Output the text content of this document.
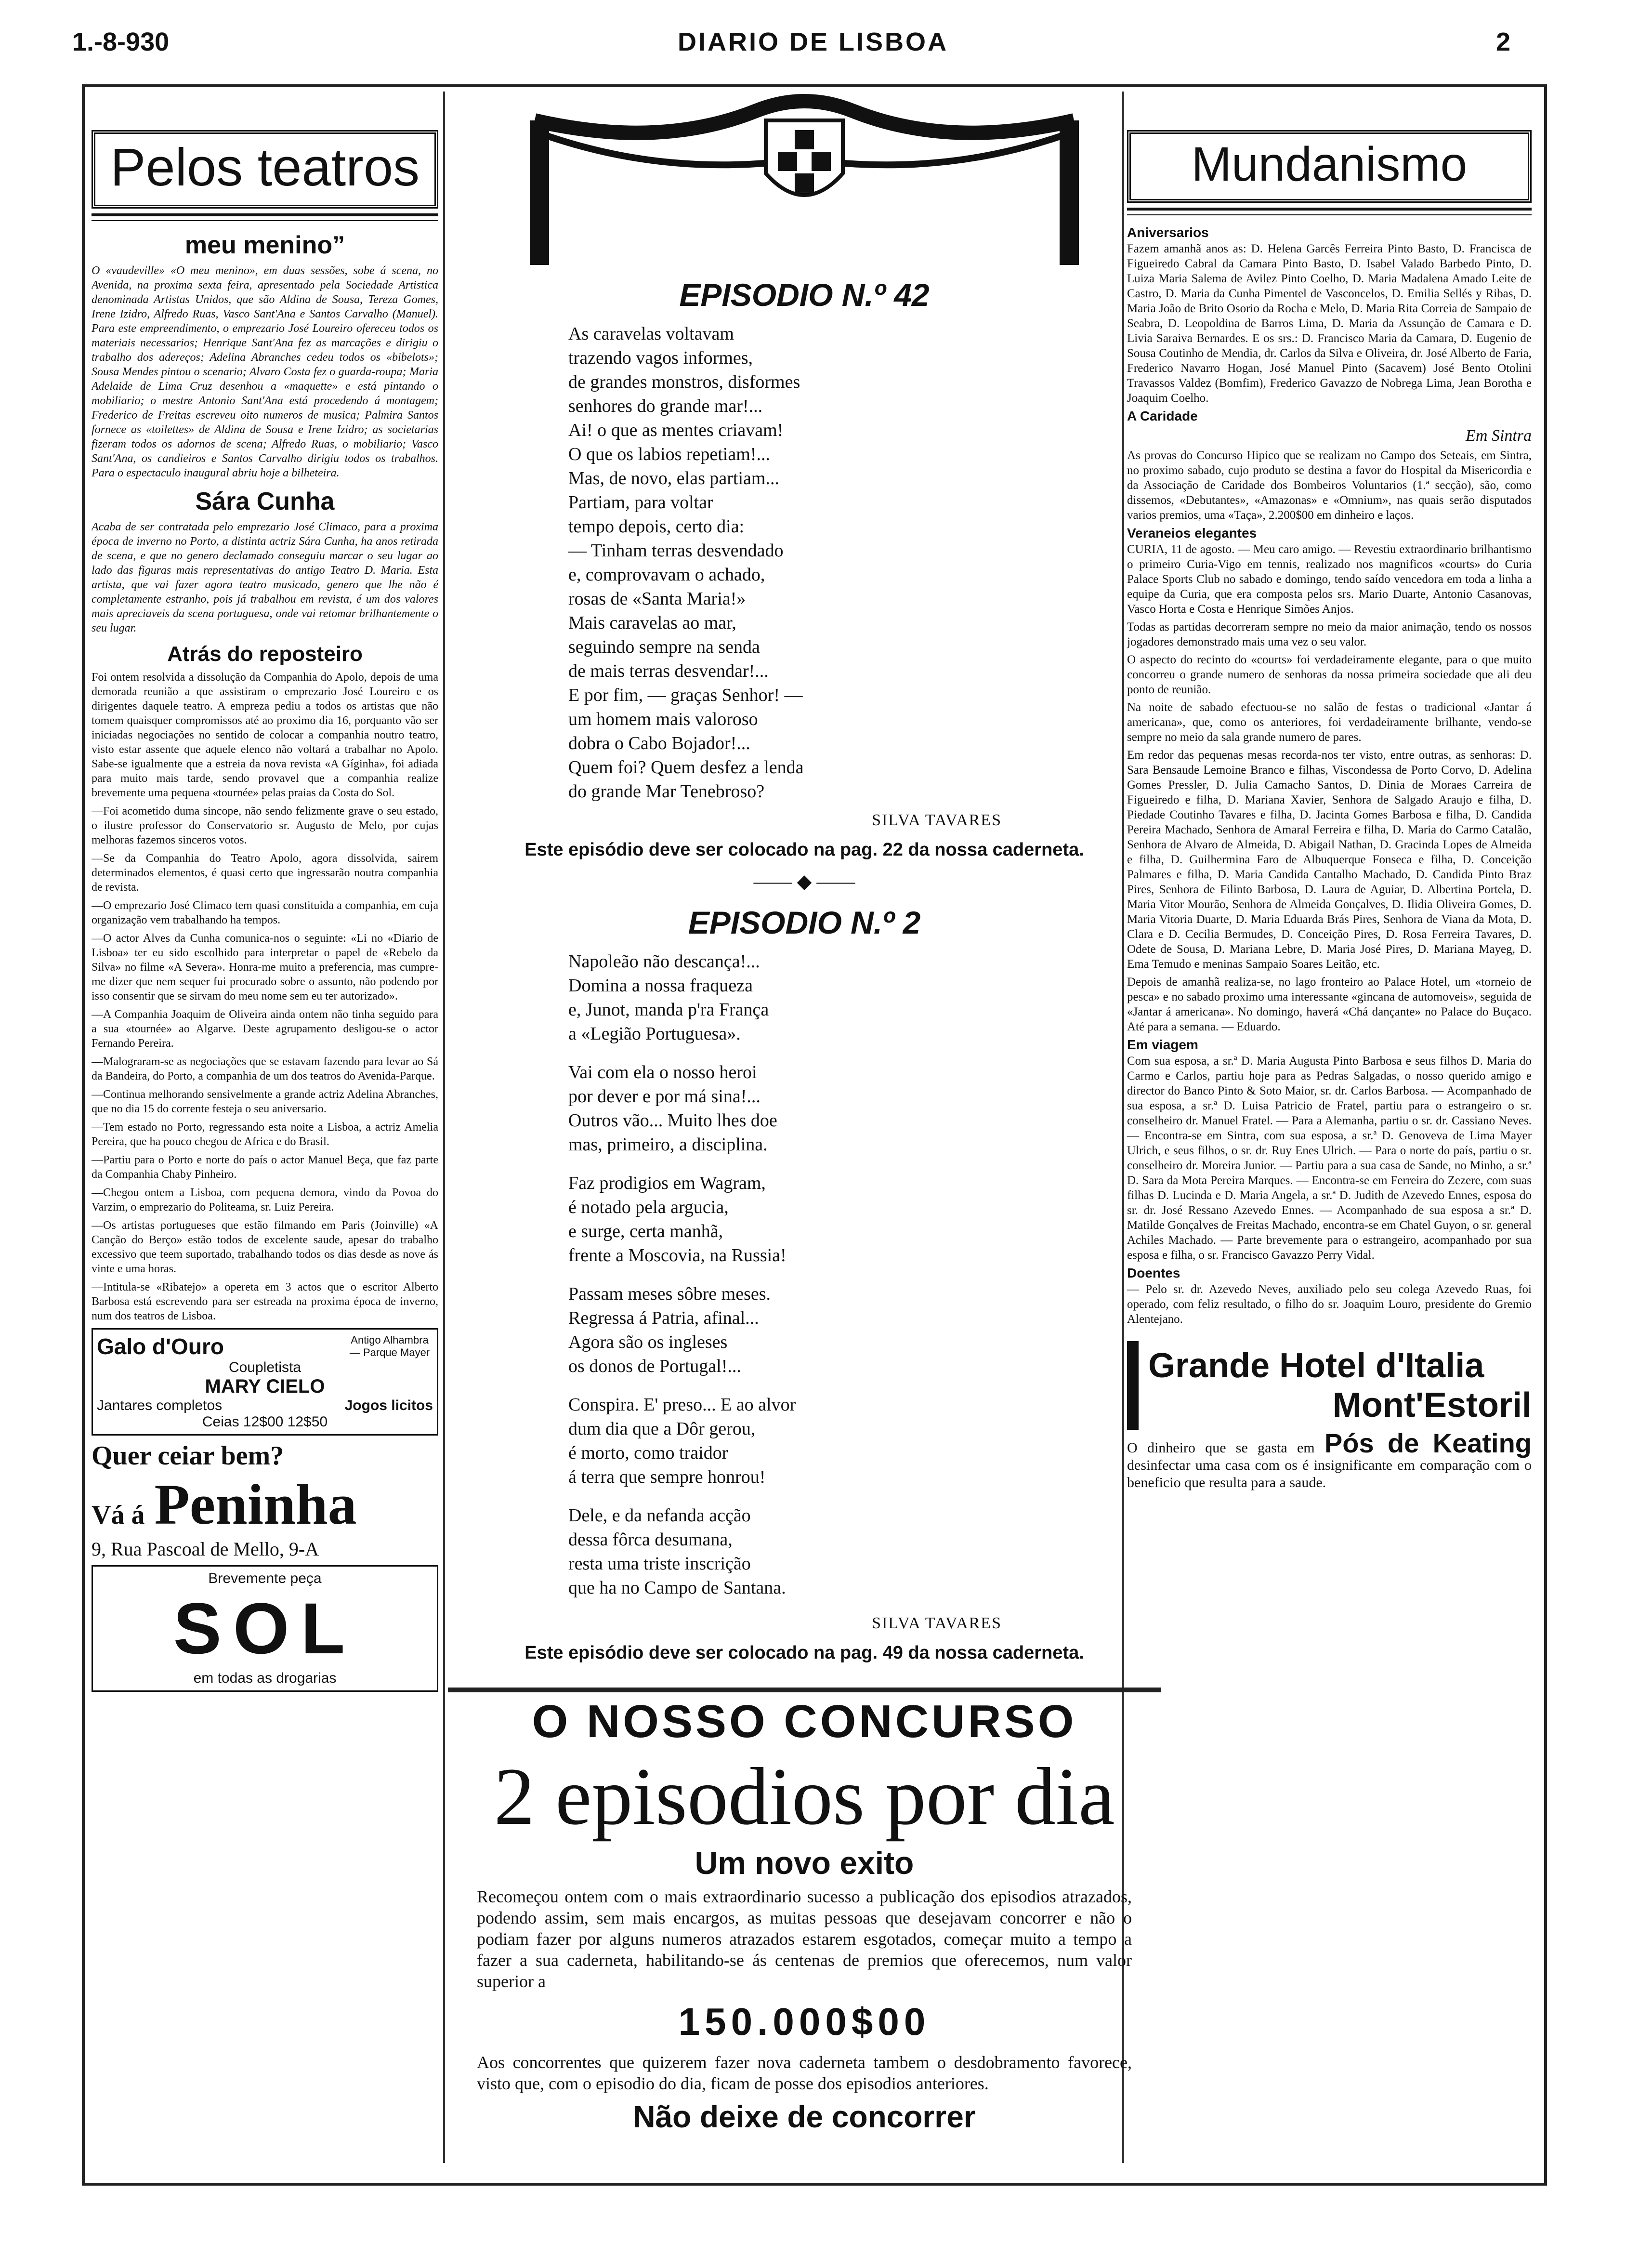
1.-8-930	DIARIO DE LISBOA	2
Pelos teatros
meu menino”

O «vaudeville» «O meu menino», em duas sessões, sobe á scena, no Avenida, na proxima sexta feira, apresentado pela Sociedade Artistica denominada Artistas Unidos, que são Aldina de Sousa, Tereza Gomes, Irene Izidro, Alfredo Ruas, Vasco Sant'Ana e Santos Carvalho (Manuel). Para este empreendimento, o emprezario José Loureiro ofereceu todos os materiais necessarios; Henrique Sant'Ana fez as marcações e dirigiu o trabalho dos adereços; Adelina Abranches cedeu todos os «bibelots»; Sousa Mendes pintou o scenario; Alvaro Costa fez o guarda-roupa; Maria Adelaide de Lima Cruz desenhou a «maquette» e está pintando o mobiliario; o mestre Antonio Sant'Ana está procedendo á montagem; Frederico de Freitas escreveu oito numeros de musica; Palmira Santos fornece as «toilettes» de Aldina de Sousa e Irene Izidro; as societarias fizeram todos os adornos de scena; Alfredo Ruas, o mobiliario; Vasco Sant'Ana, os candieiros e Santos Carvalho dirigiu todos os trabalhos. Para o espectaculo inaugural abriu hoje a bilheteira.

Sára Cunha

Acaba de ser contratada pelo emprezario José Climaco, para a proxima época de inverno no Porto, a distinta actriz Sára Cunha, ha anos retirada de scena, e que no genero declamado conseguiu marcar o seu lugar ao lado das figuras mais representativas do antigo Teatro D. Maria. Esta artista, que vai fazer agora teatro musicado, genero que lhe não é completamente estranho, pois já trabalhou em revista, é um dos valores mais apreciaveis da scena portuguesa, onde vai retomar brilhantemente o seu lugar.

Atrás do reposteiro

Foi ontem resolvida a dissolução da Companhia do Apolo, depois de uma demorada reunião a que assistiram o emprezario José Loureiro e os dirigentes daquele teatro. A empreza pediu a todos os artistas que não tomem quaisquer compromissos até ao proximo dia 16, porquanto vão ser iniciadas negociações no sentido de colocar a companhia noutro teatro, visto estar assente que aquele elenco não voltará a trabalhar no Apolo. Sabe-se igualmente que a estreia da nova revista «A Gíginha», foi adiada para muito mais tarde, sendo provavel que a companhia realize brevemente uma pequena «tournée» pelas praias da Costa do Sol.

—Foi acometido duma sincope, não sendo felizmente grave o seu estado, o ilustre professor do Conservatorio sr. Augusto de Melo, por cujas melhoras fazemos sinceros votos.

—Se da Companhia do Teatro Apolo, agora dissolvida, sairem determinados elementos, é quasi certo que ingressarão noutra companhia de revista.

—O emprezario José Climaco tem quasi constituida a companhia, em cuja organização vem trabalhando ha tempos.

—O actor Alves da Cunha comunica-nos o seguinte: «Li no «Diario de Lisboa» ter eu sido escolhido para interpretar o papel de «Rebelo da Silva» no filme «A Severa». Honra-me muito a preferencia, mas cumpre-me dizer que nem sequer fui procurado sobre o assunto, não podendo por isso consentir que se sirvam do meu nome sem eu ter autorizado».

—A Companhia Joaquim de Oliveira ainda ontem não tinha seguido para a sua «tournée» ao Algarve. Deste agrupamento desligou-se o actor Fernando Pereira.

—Malograram-se as negociações que se estavam fazendo para levar ao Sá da Bandeira, do Porto, a companhia de um dos teatros do Avenida-Parque.

—Continua melhorando sensivelmente a grande actriz Adelina Abranches, que no dia 15 do corrente festeja o seu aniversario.

—Tem estado no Porto, regressando esta noite a Lisboa, a actriz Amelia Pereira, que ha pouco chegou de Africa e do Brasil.

—Partiu para o Porto e norte do país o actor Manuel Beça, que faz parte da Companhia Chaby Pinheiro.

—Chegou ontem a Lisboa, com pequena demora, vindo da Povoa do Varzim, o emprezario do Politeama, sr. Luiz Pereira.

—Os artistas portugueses que estão filmando em Paris (Joinville) «A Canção do Berço» estão todos de excelente saude, apesar do trabalho excessivo que teem suportado, trabalhando todos os dias desde as nove ás vinte e uma horas.

—Intitula-se «Ribatejo» a opereta em 3 actos que o escritor Alberto Barbosa está escrevendo para ser estreada na proxima época de inverno, num dos teatros de Lisboa.

Galo d'Ouro	Antigo Alhambra — Parque Mayer
Coupletista
MARY CIELO
Jantares completos	Jogos licitos
Ceias 12$00 12$50
Quer ceiar bem?
Vá á Peninha
9, Rua Pascoal de Mello, 9-A
Brevemente peça
SOL
em todas as drogarias
EPISODIO N.º 42
As caravelas voltavam
trazendo vagos informes,
de grandes monstros, disformes
senhores do grande mar!...
Ai! o que as mentes criavam!
O que os labios repetiam!...
Mas, de novo, elas partiam...
Partiam, para voltar
tempo depois, certo dia:
— Tinham terras desvendado
e, comprovavam o achado,
rosas de «Santa Maria!»
Mais caravelas ao mar,
seguindo sempre na senda
de mais terras desvendar!...
E por fim, — graças Senhor! —
um homem mais valoroso
dobra o Cabo Bojador!...
Quem foi? Quem desfez a lenda
do grande Mar Tenebroso?
SILVA TAVARES
Este episódio deve ser colocado na pag. 22 da nossa caderneta.
—— ◆ ——
EPISODIO N.º 2
Napoleão não descança!...
Domina a nossa fraqueza
e, Junot, manda p'ra França
a «Legião Portuguesa».
Vai com ela o nosso heroi
por dever e por má sina!...
Outros vão... Muito lhes doe
mas, primeiro, a disciplina.
Faz prodigios em Wagram,
é notado pela argucia,
e surge, certa manhã,
frente a Moscovia, na Russia!
Passam meses sôbre meses.
Regressa á Patria, afinal...
Agora são os ingleses
os donos de Portugal!...
Conspira. E' preso... E ao alvor
dum dia que a Dôr gerou,
é morto, como traidor
á terra que sempre honrou!
Dele, e da nefanda acção
dessa fôrca desumana,
resta uma triste inscrição
que ha no Campo de Santana.
SILVA TAVARES
Este episódio deve ser colocado na pag. 49 da nossa caderneta.
O NOSSO CONCURSO
2 episodios por dia
Um novo exito

Recomeçou ontem com o mais extraordinario sucesso a publicação dos episodios atrazados, podendo assim, sem mais encargos, as muitas pessoas que desejavam concorrer e não o podiam fazer por alguns numeros atrazados estarem esgotados, começar muito a tempo a fazer a sua caderneta, habilitando-se ás centenas de premios que oferecemos, num valor superior a

150.000$00

Aos concorrentes que quizerem fazer nova caderneta tambem o desdobramento favorece, visto que, com o episodio do dia, ficam de posse dos episodios anteriores.

Não deixe de concorrer
Mundanismo
Aniversarios

Fazem amanhã anos as: D. Helena Garcês Ferreira Pinto Basto, D. Francisca de Figueiredo Cabral da Camara Pinto Basto, D. Isabel Valado Barbedo Pinto, D. Luiza Maria Salema de Avilez Pinto Coelho, D. Maria Madalena Amado Leite de Castro, D. Maria da Cunha Pimentel de Vasconcelos, D. Emilia Sellés y Ribas, D. Maria João de Brito Osorio da Rocha e Melo, D. Maria Rita Correia de Sampaio de Seabra, D. Leopoldina de Barros Lima, D. Maria da Assunção de Camara e D. Livia Saraiva Bernardes. E os srs.: D. Francisco Maria da Camara, D. Eugenio de Sousa Coutinho de Mendia, dr. Carlos da Silva e Oliveira, dr. José Alberto de Faria, Frederico Navarro Hogan, José Manuel Pinto (Sacavem) José Bento Otolini Travassos Valdez (Bomfim), Frederico Gavazzo de Nobrega Lima, Jean Borotha e Joaquim Coelho.

A Caridade
Em Sintra

As provas do Concurso Hipico que se realizam no Campo dos Seteais, em Sintra, no proximo sabado, cujo produto se destina a favor do Hospital da Misericordia e da Associação de Caridade dos Bombeiros Voluntarios (1.ª secção), são, como dissemos, «Debutantes», «Amazonas» e «Omnium», nas quais serão disputados varios premios, uma «Taça», 2.200$00 em dinheiro e laços.

Veraneios elegantes

CURIA, 11 de agosto. — Meu caro amigo. — Revestiu extraordinario brilhantismo o primeiro Curia-Vigo em tennis, realizado nos magnificos «courts» do Curia Palace Sports Club no sabado e domingo, tendo saído vencedora em toda a linha a equipe da Curia, que era composta pelos srs. Mario Duarte, Antonio Casanovas, Vasco Horta e Costa e Henrique Simões Anjos.

Todas as partidas decorreram sempre no meio da maior animação, tendo os nossos jogadores demonstrado mais uma vez o seu valor.

O aspecto do recinto do «courts» foi verdadeiramente elegante, para o que muito concorreu o grande numero de senhoras da nossa primeira sociedade que ali deu ponto de reunião.

Na noite de sabado efectuou-se no salão de festas o tradicional «Jantar á americana», que, como os anteriores, foi verdadeiramente brilhante, vendo-se sempre no meio da sala grande numero de pares.

Em redor das pequenas mesas recorda-nos ter visto, entre outras, as senhoras: D. Sara Bensaude Lemoine Branco e filhas, Viscondessa de Porto Corvo, D. Adelina Gomes Pressler, D. Julia Camacho Santos, D. Dinia de Moraes Carreira de Figueiredo e filha, D. Mariana Xavier, Senhora de Salgado Araujo e filha, D. Piedade Coutinho Tavares e filha, D. Jacinta Gomes Barbosa e filha, D. Candida Pereira Machado, Senhora de Amaral Ferreira e filha, D. Maria do Carmo Catalão, Senhora de Alvaro de Almeida, D. Abigail Nathan, D. Gracinda Lopes de Almeida e filha, D. Guilhermina Faro de Albuquerque Fonseca e filha, D. Conceição Palmares e filha, D. Maria Candida Cantalho Machado, D. Candida Pinto Braz Pires, Senhora de Filinto Barbosa, D. Laura de Aguiar, D. Albertina Portela, D. Maria Vitor Mourão, Senhora de Almeida Gonçalves, D. Ilidia Oliveira Gomes, D. Maria Vitoria Duarte, D. Maria Eduarda Brás Pires, Senhora de Viana da Mota, D. Clara e D. Cecilia Bermudes, D. Conceição Pires, D. Rosa Ferreira Tavares, D. Odete de Sousa, D. Mariana Lebre, D. Maria José Pires, D. Mariana Mayeg, D. Ema Temudo e meninas Sampaio Soares Leitão, etc.

Depois de amanhã realiza-se, no lago fronteiro ao Palace Hotel, um «torneio de pesca» e no sabado proximo uma interessante «gincana de automoveis», seguida de «Jantar á americana». No domingo, haverá «Chá dançante» no Palace do Buçaco. Até para a semana. — Eduardo.

Em viagem

Com sua esposa, a sr.ª D. Maria Augusta Pinto Barbosa e seus filhos D. Maria do Carmo e Carlos, partiu hoje para as Pedras Salgadas, o nosso querido amigo e director do Banco Pinto & Soto Maior, sr. dr. Carlos Barbosa. — Acompanhado de sua esposa, a sr.ª D. Luisa Patricio de Fratel, partiu para o estrangeiro o sr. conselheiro dr. Manuel Fratel. — Para a Alemanha, partiu o sr. dr. Cassiano Neves. — Encontra-se em Sintra, com sua esposa, a sr.ª D. Genoveva de Lima Mayer Ulrich, e seus filhos, o sr. dr. Ruy Enes Ulrich. — Para o norte do país, partiu o sr. conselheiro dr. Moreira Junior. — Partiu para a sua casa de Sande, no Minho, a sr.ª D. Sara da Mota Pereira Marques. — Encontra-se em Ferreira do Zezere, com suas filhas D. Lucinda e D. Maria Angela, a sr.ª D. Judith de Azevedo Ennes, esposa do sr. dr. José Ressano Azevedo Ennes. — Acompanhado de sua esposa a sr.ª D. Matilde Gonçalves de Freitas Machado, encontra-se em Chatel Guyon, o sr. general Achiles Machado. — Parte brevemente para o estrangeiro, acompanhado por sua esposa e filha, o sr. Francisco Gavazzo Perry Vidal.

Doentes

— Pelo sr. dr. Azevedo Neves, auxiliado pelo seu colega Azevedo Ruas, foi operado, com feliz resultado, o filho do sr. Joaquim Louro, presidente do Gremio Alentejano.

Grande Hotel d'Italia
Mont'Estoril
O dinheiro que se gasta em Pós de Keating desinfectar uma casa com os é insignificante em comparação com o beneficio que resulta para a saude.
